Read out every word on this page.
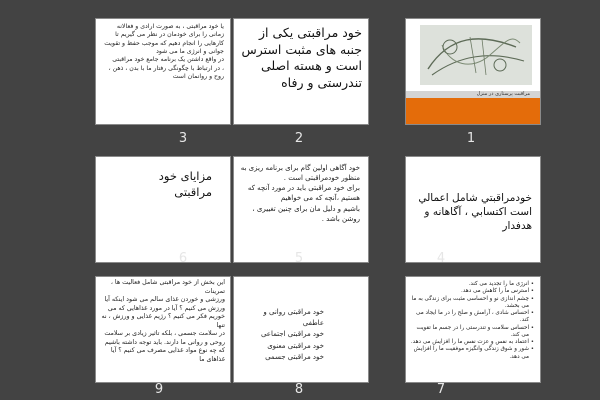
مراقبت پرستاری در منزل
1
خود مراقبتی یکی از جنبه های مثبت استرس است و هسته اصلی تندرستی و رفاه
2
یا خود مراقبتی ، به صورت ارادی و فعالانه
زمانی را برای خودمان در نظر می گیریم تا کارهایی را انجام دهیم که موجب حفظ و تقویت جوانی و انرژی ما می شود
در واقع داشتن یک برنامه جامع خود مراقبتی
، در ارتباط با چگونگی رفتار ما با بدن ، ذهن ، روح و روانمان است
3
خودمراقبتي شامل اعمالي است اکتسابي ، آگاهانه و هدفدار
4
خود آگاهی اولین گام برای برنامه ریزی به منظور خودمراقبتی است .
برای خود مراقبتی باید در مورد آنچه که
هستیم ،آنچه که می خواهیم
باشیم و دلیل مان برای چنین تغییری ، روشن باشد .
5
مزایای خود مراقبتی
6
• انرژی ما را تجدید می کند.
• استرس ما را کاهش می دهد.
• چشم اندازی نو و احساسی مثبت برای زندگی به ما می بخشد.
• احساس شادی ، آرامش و صلح را در ما ایجاد می کند.
• احساس سلامت و تندرستی را در جسم ما تقویت می کند.
• اعتماد به نفس و عزت نفس ما را افزایش می دهد.
• شور و شوق زندگی وانگیزه موفقیت ما را افزایش می دهد.
7
خود مراقبتی روانی و عاطفی
خود مراقبتی اجتماعی
خود مراقبتی معنوی
خود مراقبتی جسمی
8
این بخش از خود مراقبتی شامل فعالیت ها ، تمرینات
ورزشی و خوردن غذای سالم می شود اینکه آیا ورزش می کنیم ؟ آیا در مورد غذاهایی که می خوریم فکر می کنیم ؟ رژیم غذایی و ورزش ، نه تنها
در سلامت جسمی ، بلکه تاثیر زیادی بر سلامت روحی و روانی ما دارند. باید توجه داشته باشیم
که چه نوع مواد غذایی مصرف می کنیم ؟ آیا غذاهای ما
9
